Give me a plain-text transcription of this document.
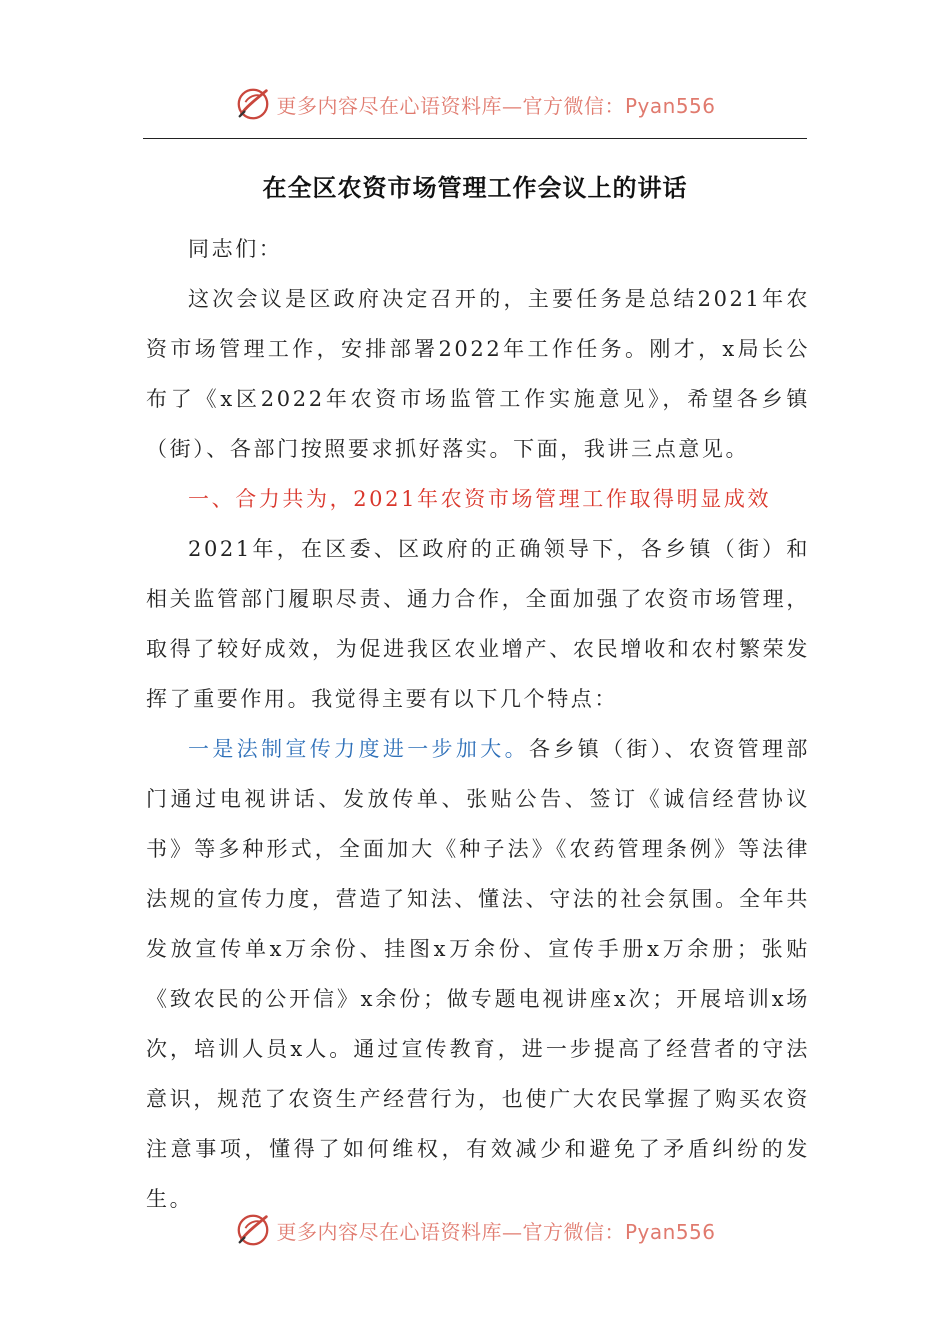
更多内容尽在心语资料库—官方微信：Pyan556
在全区农资市场管理工作会议上的讲话

同志们：

这次会议是区政府决定召开的，主要任务是总结2021年农资市场管理工作，安排部署2022年工作任务。刚才，x局长公布了《x区2022年农资市场监管工作实施意见》，希望各乡镇（街）、各部门按照要求抓好落实。下面，我讲三点意见。

一、合力共为，2021年农资市场管理工作取得明显成效

2021年，在区委、区政府的正确领导下，各乡镇（街）和相关监管部门履职尽责、通力合作，全面加强了农资市场管理，取得了较好成效，为促进我区农业增产、农民增收和农村繁荣发挥了重要作用。我觉得主要有以下几个特点：

一是法制宣传力度进一步加大。各乡镇（街）、农资管理部门通过电视讲话、发放传单、张贴公告、签订《诚信经营协议书》等多种形式，全面加大《种子法》《农药管理条例》等法律法规的宣传力度，营造了知法、懂法、守法的社会氛围。全年共发放宣传单x万余份、挂图x万余份、宣传手册x万余册；张贴《致农民的公开信》x余份；做专题电视讲座x次；开展培训x场次，培训人员x人。通过宣传教育，进一步提高了经营者的守法意识，规范了农资生产经营行为，也使广大农民掌握了购买农资注意事项，懂得了如何维权，有效减少和避免了矛盾纠纷的发生。

更多内容尽在心语资料库—官方微信：Pyan556
